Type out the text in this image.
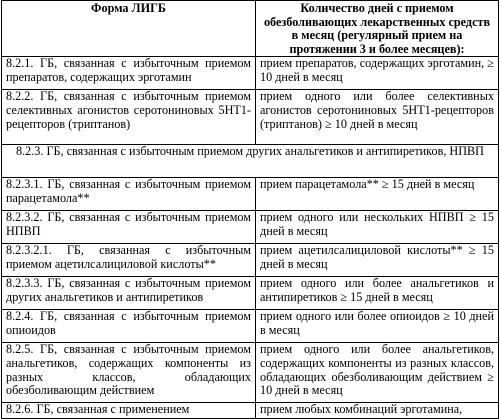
Форма ЛИГБ	Количество дней с приемом обезболивающих лекарственных средств в месяц (регулярный прием на протяжении 3 и более месяцев):
8.2.1. ГБ, связанная с избыточным приемом препаратов, содержащих эрготамин	прием препаратов, содержащих эрготамин, ≥ 10 дней в месяц
8.2.2. ГБ, связанная с избыточным приемом селективных агонистов серотониновых 5HT1-рецепторов (триптанов)	прием одного или более селективных агонистов серотониновых 5HT1-рецепторов (триптанов) ≥ 10 дней в месяц
8.2.3. ГБ, связанная с избыточным приемом других анальгетиков и антипиретиков, НПВП	
8.2.3.1. ГБ, связанная с избыточным приемом парацетамола**	прием парацетамола** ≥ 15 дней в месяц
8.2.3.2. ГБ, связанная с избыточным приемом НПВП	прием одного или нескольких НПВП ≥ 15 дней в месяц
8.2.3.2.1. ГБ, связанная с избыточным приемом ацетилсалициловой кислоты**	прием ацетилсалициловой кислоты** ≥ 15 дней в месяц
8.2.3.3. ГБ, связанная с избыточным приемом других анальгетиков и антипиретиков	прием одного или более анальгетиков и антипиретиков ≥ 15 дней в месяц
8.2.4. ГБ, связанная с избыточным приемом опиоидов	прием одного или более опиоидов ≥ 10 дней в месяц
8.2.5. ГБ, связанная с избыточным приемом анальгетиков, содержащих компоненты из разных классов, обладающих обезболивающим действием	прием одного или более анальгетиков, содержащих компоненты из разных классов, обладающих обезболивающим действием ≥ 10 дней в месяц
8.2.6. ГБ, связанная с применением	прием любых комбинаций эрготамина,
